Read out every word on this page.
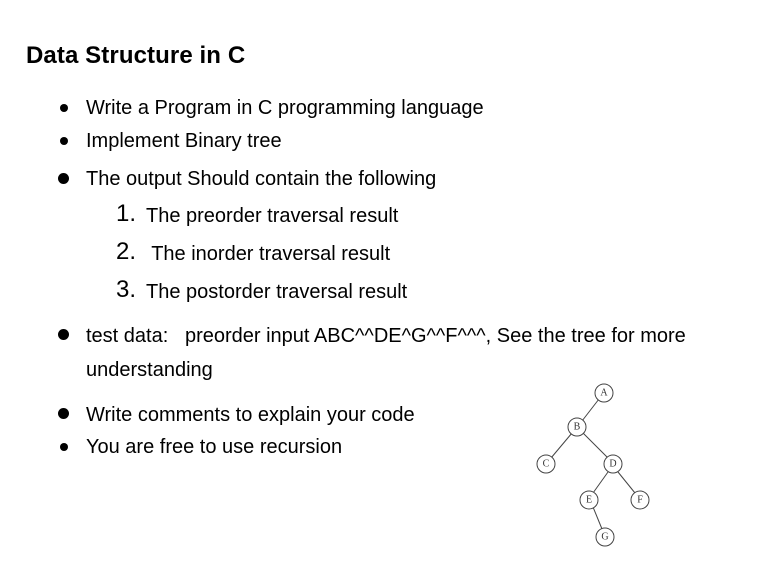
Data Structure in C
Write a Program in C programming language
Implement Binary tree
The output Should contain the following
1. The preorder traversal result
2. The inorder traversal result
3. The postorder traversal result
test data:   preorder input ABC^^DE^G^^F^^^, See the tree for more
understanding
Write comments to explain your code
You are free to use recursion
A
B
C	D
E	F
G
